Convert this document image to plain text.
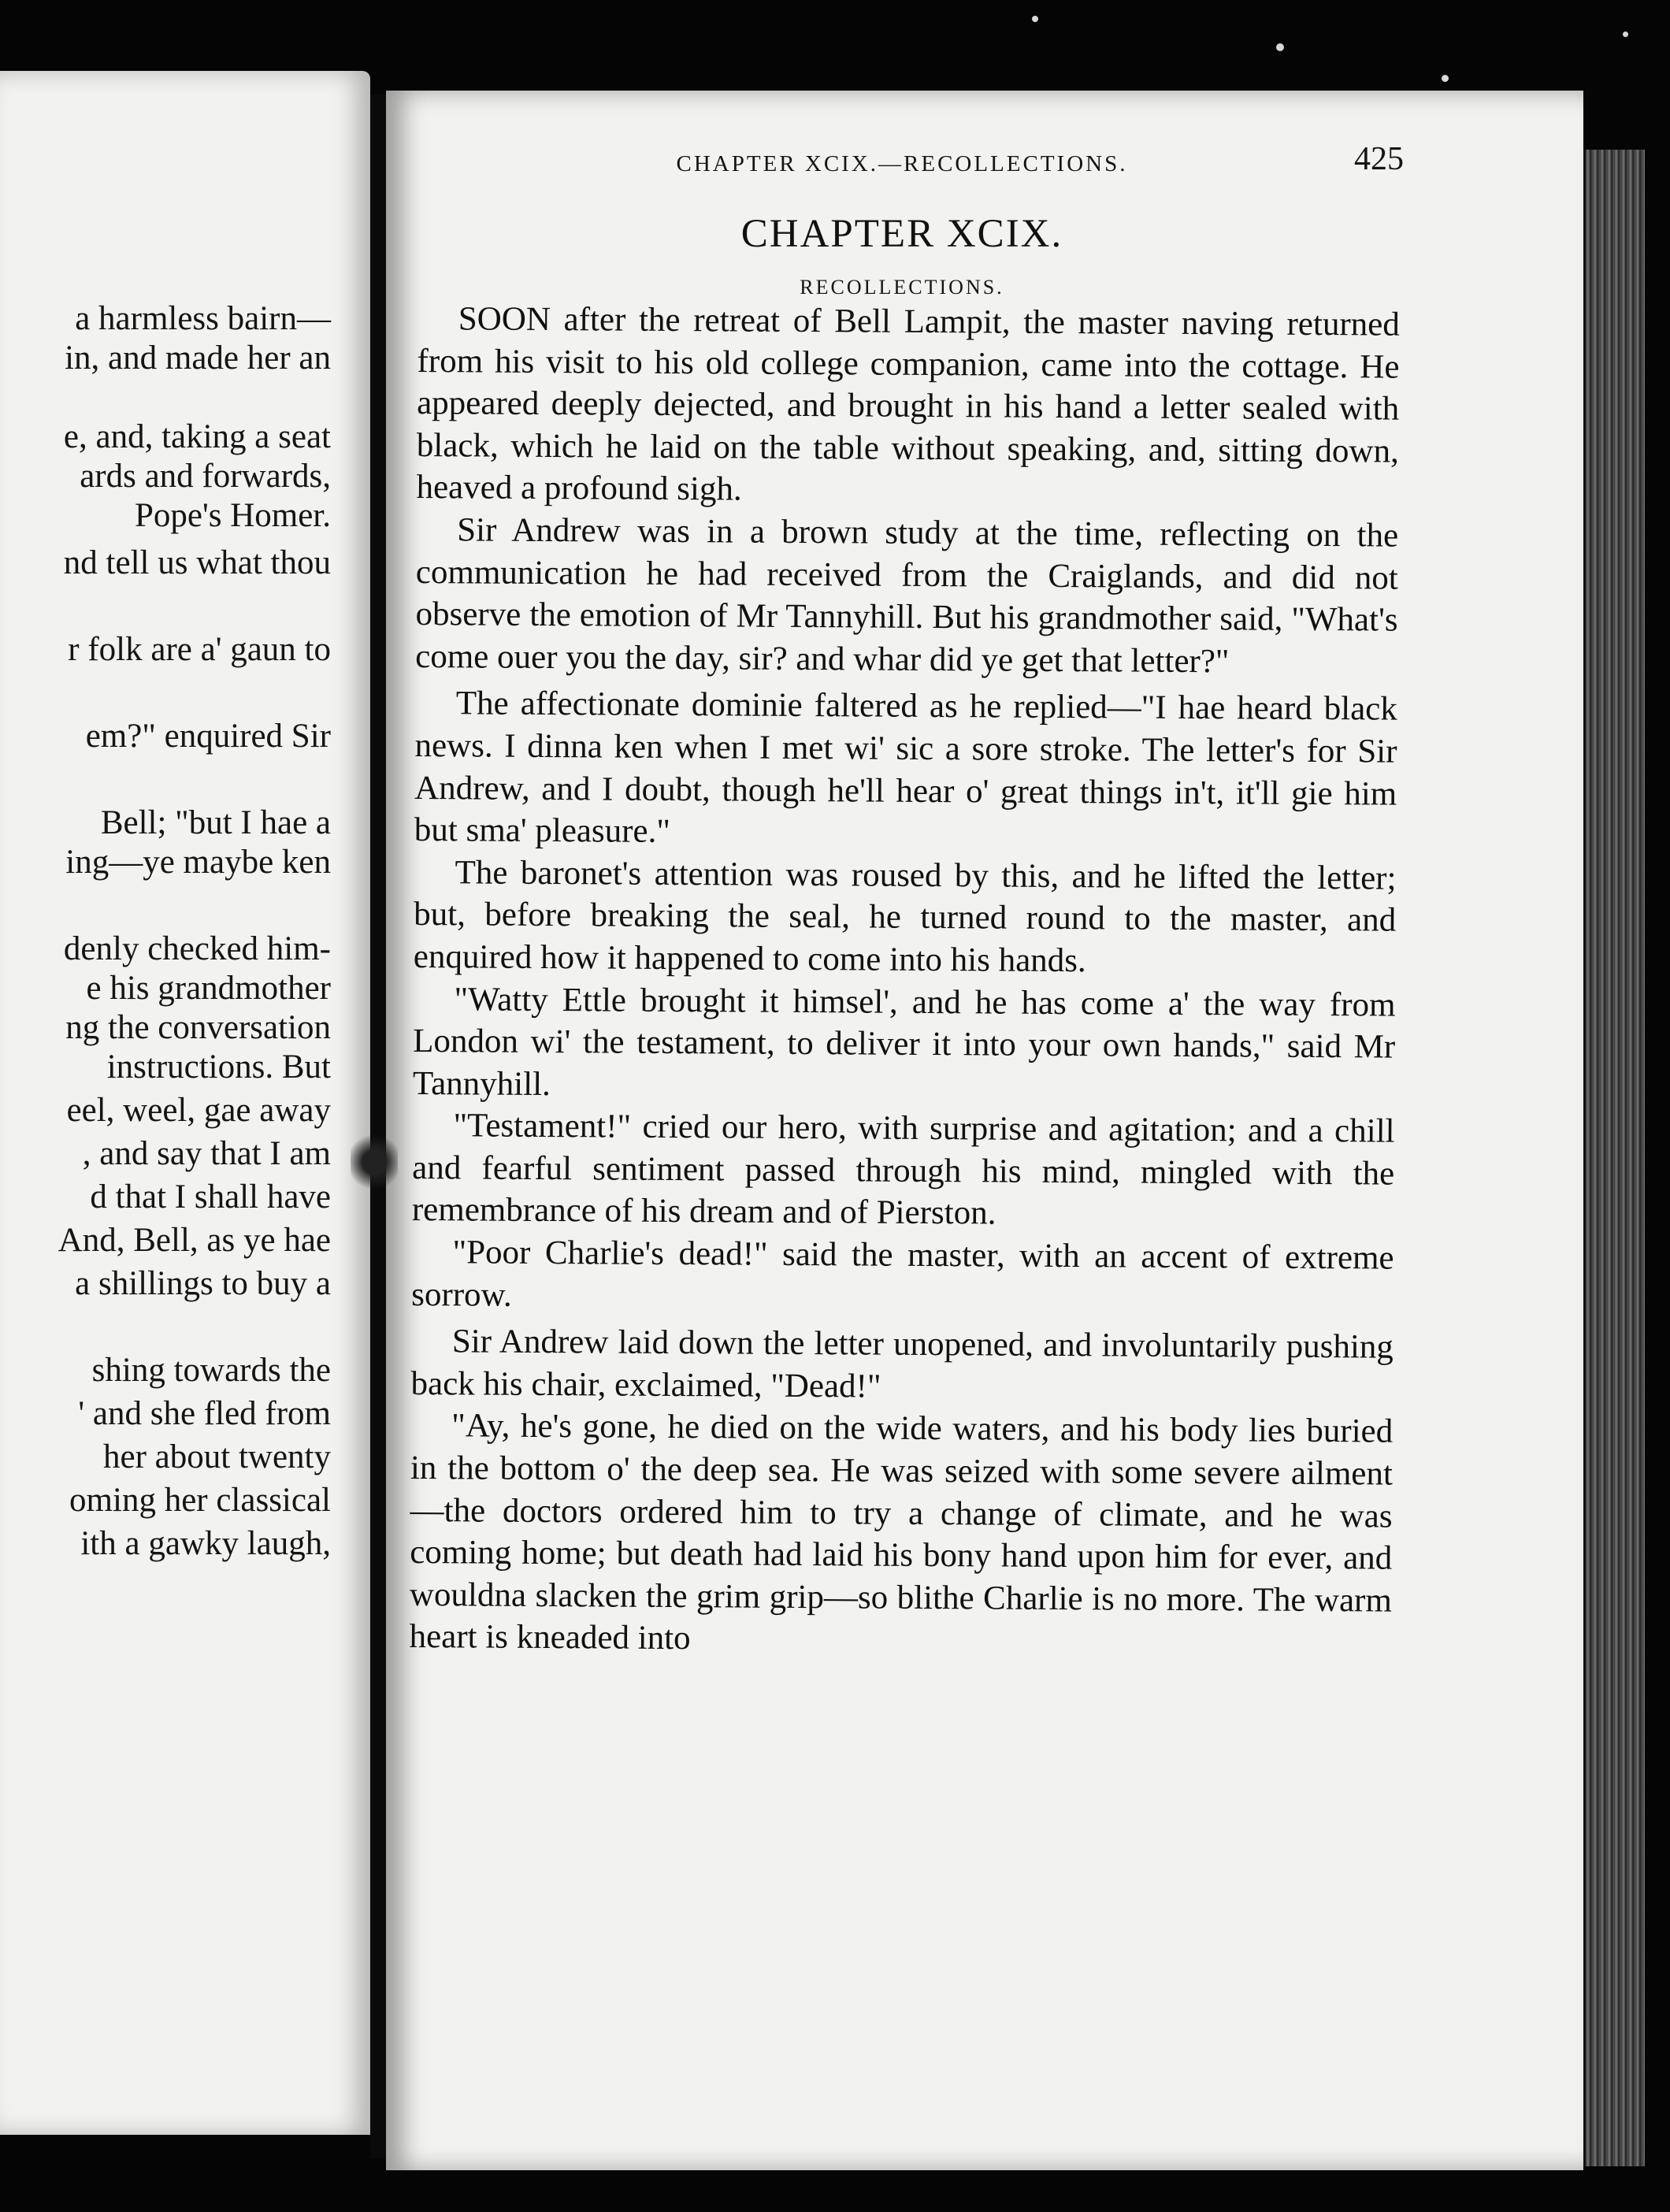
a harmless bairn—
in, and made her an
e, and, taking a seat
ards and forwards,
Pope's Homer.
nd tell us what thou
r folk are a' gaun to
em?" enquired Sir
Bell; "but I hae a
ing—ye maybe ken
denly checked him-
e his grandmother
ng the conversation
instructions. But
eel, weel, gae away
, and say that I am
d that I shall have
And, Bell, as ye hae
a shillings to buy a
shing towards the
' and she fled from
her about twenty
oming her classical
ith a gawky laugh,
CHAPTER XCIX.—RECOLLECTIONS.	425
CHAPTER XCIX.
RECOLLECTIONS.

SOON after the retreat of Bell Lampit, the master naving returned from his visit to his old college companion, came into the cottage. He appeared deeply dejected, and brought in his hand a letter sealed with black, which he laid on the table without speaking, and, sitting down, heaved a profound sigh.

Sir Andrew was in a brown study at the time, reflecting on the communication he had received from the Craiglands, and did not observe the emotion of Mr Tannyhill. But his grandmother said, "What's come ouer you the day, sir? and whar did ye get that letter?"

The affectionate dominie faltered as he replied—"I hae heard black news. I dinna ken when I met wi' sic a sore stroke. The letter's for Sir Andrew, and I doubt, though he'll hear o' great things in't, it'll gie him but sma' pleasure."

The baronet's attention was roused by this, and he lifted the letter; but, before breaking the seal, he turned round to the master, and enquired how it happened to come into his hands.

"Watty Ettle brought it himsel', and he has come a' the way from London wi' the testament, to deliver it into your own hands," said Mr Tannyhill.

"Testament!" cried our hero, with surprise and agitation; and a chill and fearful sentiment passed through his mind, mingled with the remembrance of his dream and of Pierston.

"Poor Charlie's dead!" said the master, with an accent of extreme sorrow.

Sir Andrew laid down the letter unopened, and involuntarily pushing back his chair, exclaimed, "Dead!"

"Ay, he's gone, he died on the wide waters, and his body lies buried in the bottom o' the deep sea. He was seized with some severe ailment—the doctors ordered him to try a change of climate, and he was coming home; but death had laid his bony hand upon him for ever, and wouldna slacken the grim grip—so blithe Charlie is no more. The warm heart is kneaded into
